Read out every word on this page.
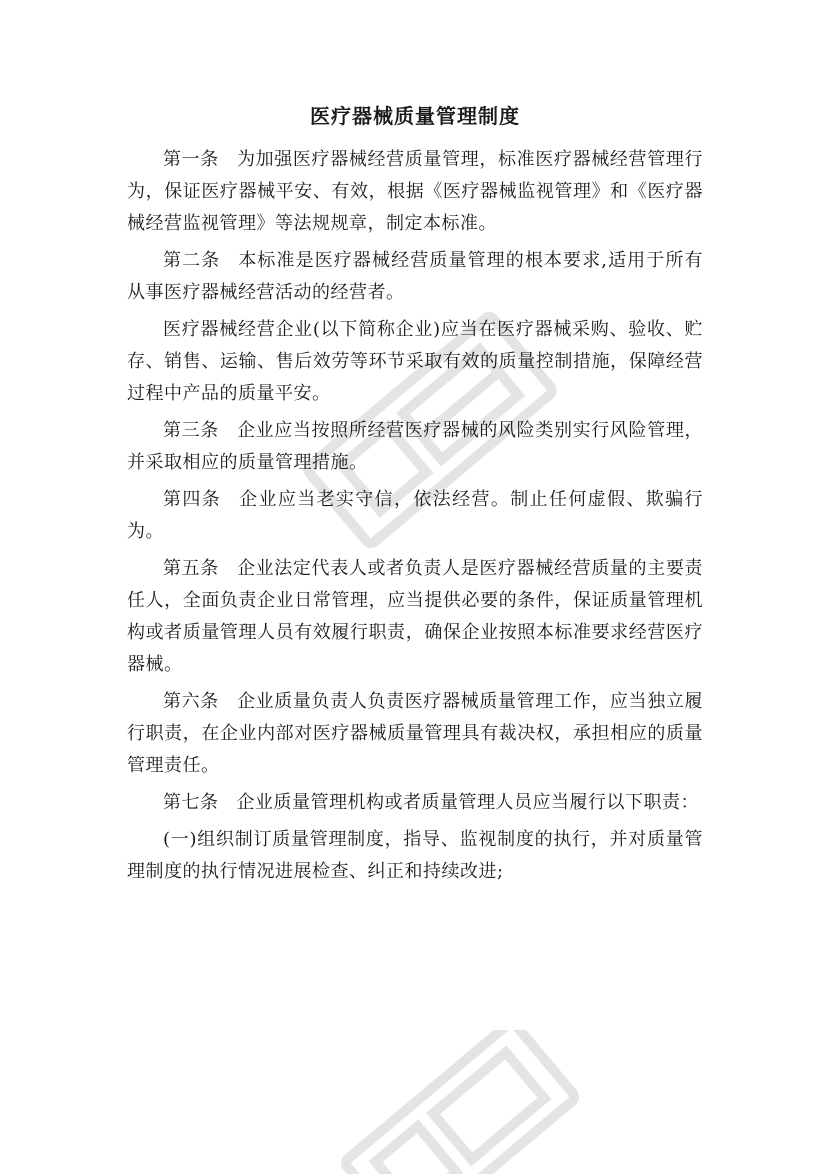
医疗器械质量管理制度

第一条 为加强医疗器械经营质量管理，标准医疗器械经营管理行为，保证医疗器械平安、有效，根据《医疗器械监视管理》和《医疗器械经营监视管理》等法规规章，制定本标准。

第二条 本标准是医疗器械经营质量管理的根本要求,适用于所有从事医疗器械经营活动的经营者。

医疗器械经营企业(以下简称企业)应当在医疗器械采购、验收、贮存、销售、运输、售后效劳等环节采取有效的质量控制措施，保障经营过程中产品的质量平安。

第三条 企业应当按照所经营医疗器械的风险类别实行风险管理，并采取相应的质量管理措施。

第四条 企业应当老实守信，依法经营。制止任何虚假、欺骗行为。

第五条 企业法定代表人或者负责人是医疗器械经营质量的主要责任人，全面负责企业日常管理，应当提供必要的条件，保证质量管理机构或者质量管理人员有效履行职责，确保企业按照本标准要求经营医疗器械。

第六条 企业质量负责人负责医疗器械质量管理工作，应当独立履行职责，在企业内部对医疗器械质量管理具有裁决权，承担相应的质量管理责任。

第七条 企业质量管理机构或者质量管理人员应当履行以下职责：

(一)组织制订质量管理制度，指导、监视制度的执行，并对质量管理制度的执行情况进展检查、纠正和持续改进;
